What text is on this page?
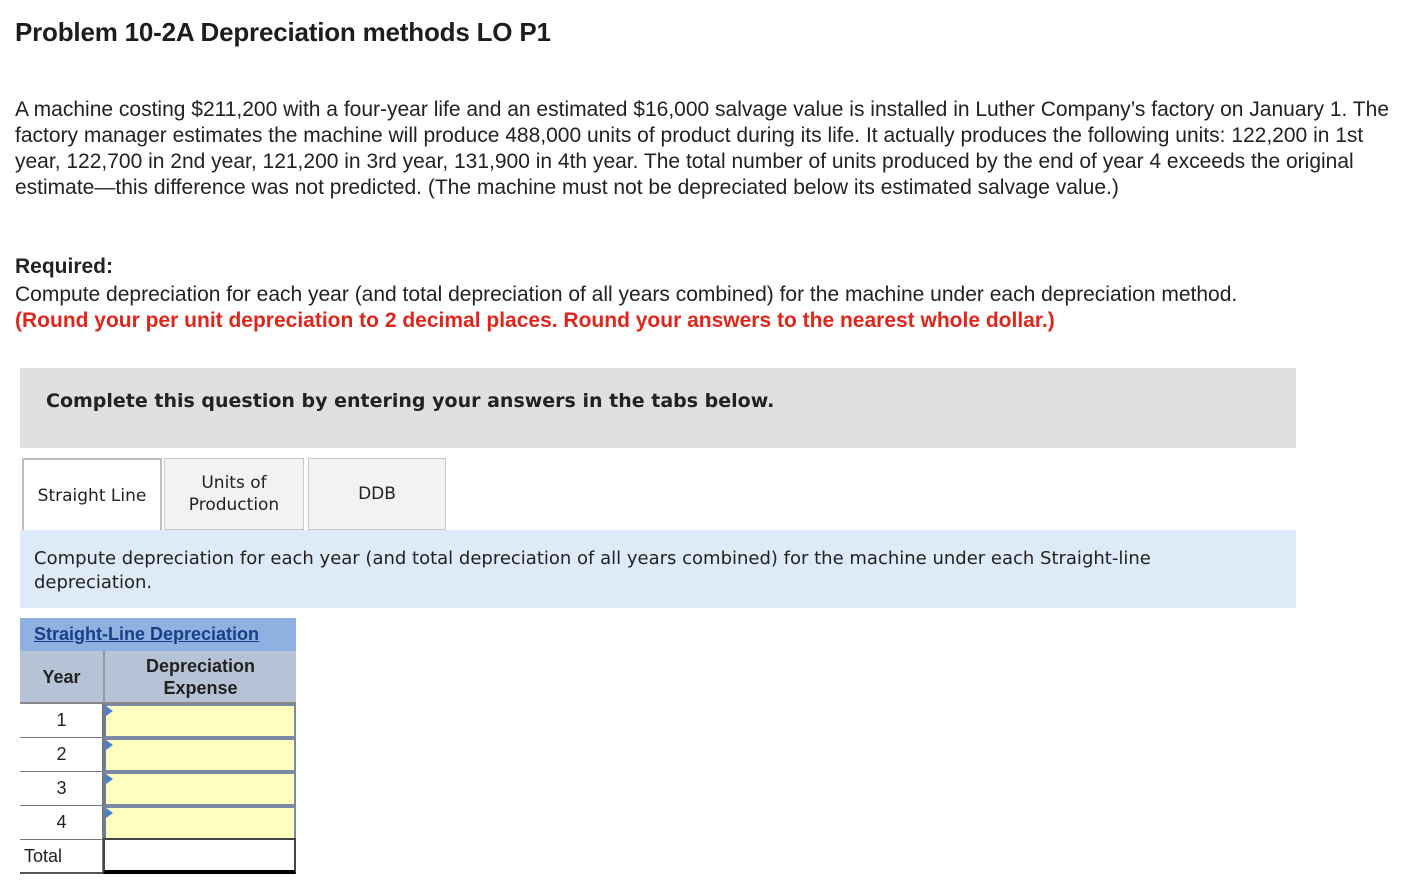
Problem 10-2A Depreciation methods LO P1

A machine costing $211,200 with a four-year life and an estimated $16,000 salvage value is installed in Luther Company’s factory on January 1. The factory manager estimates the machine will produce 488,000 units of product during its life. It actually produces the following units: 122,200 in 1st year, 122,700 in 2nd year, 121,200 in 3rd year, 131,900 in 4th year. The total number of units produced by the end of year 4 exceeds the original estimate—this difference was not predicted. (The machine must not be depreciated below its estimated salvage value.)

Required:

Compute depreciation for each year (and total depreciation of all years combined) for the machine under each depreciation method.
(Round your per unit depreciation to 2 decimal places. Round your answers to the nearest whole dollar.)

Complete this question by entering your answers in the tabs below.

Straight Line
Units of Production
DDB

Compute depreciation for each year (and total depreciation of all years combined) for the machine under each Straight-line depreciation.

Straight-Line Depreciation
Year
Depreciation Expense
1
2
3
4
Total
